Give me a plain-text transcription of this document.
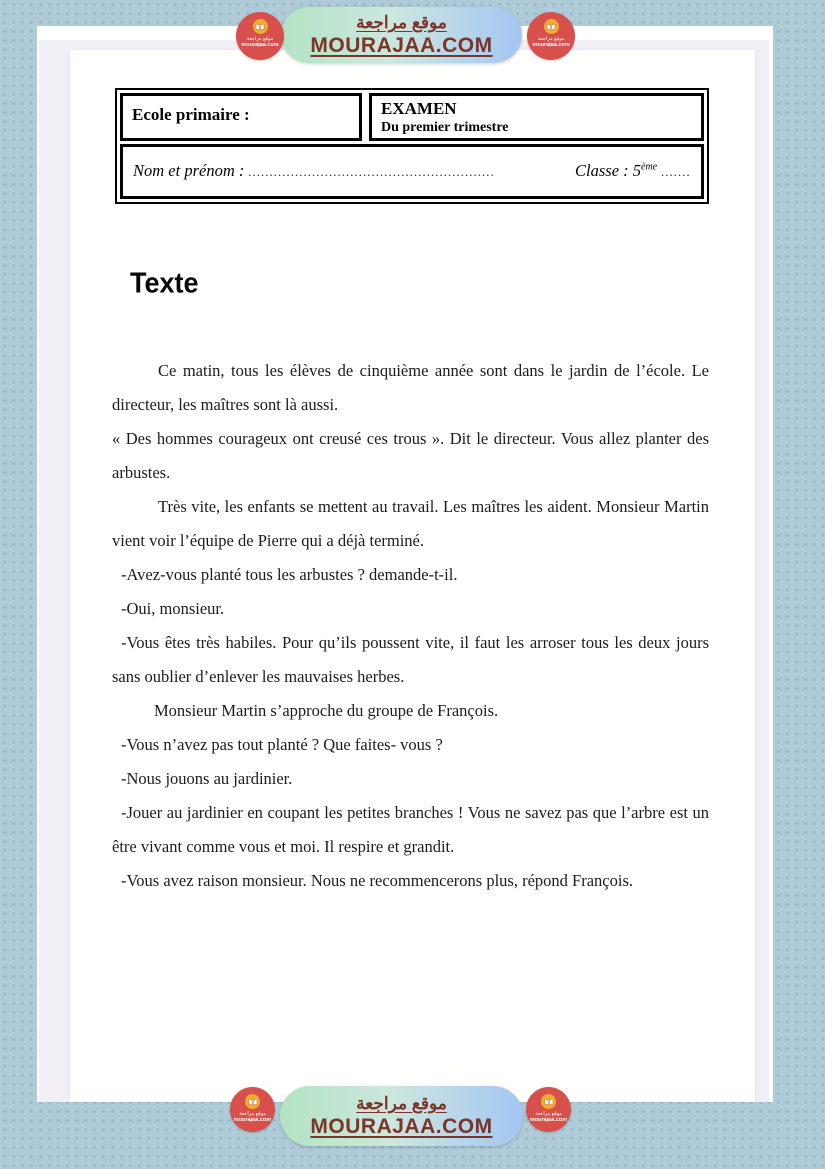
Ecole primaire :	EXAMEN
Du premier trimestre
Nom et prénom :
..........................................................	Classe : 5ème .......
Texte

Ce matin, tous les élèves de cinquième année sont dans le jardin de l’école. Le directeur, les maîtres sont là aussi.

« Des hommes courageux ont creusé ces trous ». Dit le directeur. Vous allez planter des arbustes.

Très vite, les enfants se mettent au travail. Les maîtres les aident. Monsieur Martin vient voir l’équipe de Pierre qui a déjà terminé.

-Avez-vous planté tous les arbustes ? demande-t-il.

-Oui, monsieur.

-Vous êtes très habiles. Pour qu’ils poussent vite, il faut les arroser tous les deux jours sans oublier d’enlever les mauvaises herbes.

Monsieur Martin s’approche du groupe de François.

-Vous n’avez pas tout planté ? Que faites- vous ?

-Nous jouons au jardinier.

-Jouer au jardinier en coupant les petites branches ! Vous ne savez pas que l’arbre est un être vivant comme vous et moi. Il respire et grandit.

-Vous avez raison monsieur. Nous ne recommencerons plus, répond François.

موقع مراجعة
MOURAJAA.COM
موقع مراجعة
mourajaa.com
موقع مراجعة
mourajaa.com
موقع مراجعة
MOURAJAA.COM
موقع مراجعة
mourajaa.com
موقع مراجعة
mourajaa.com
